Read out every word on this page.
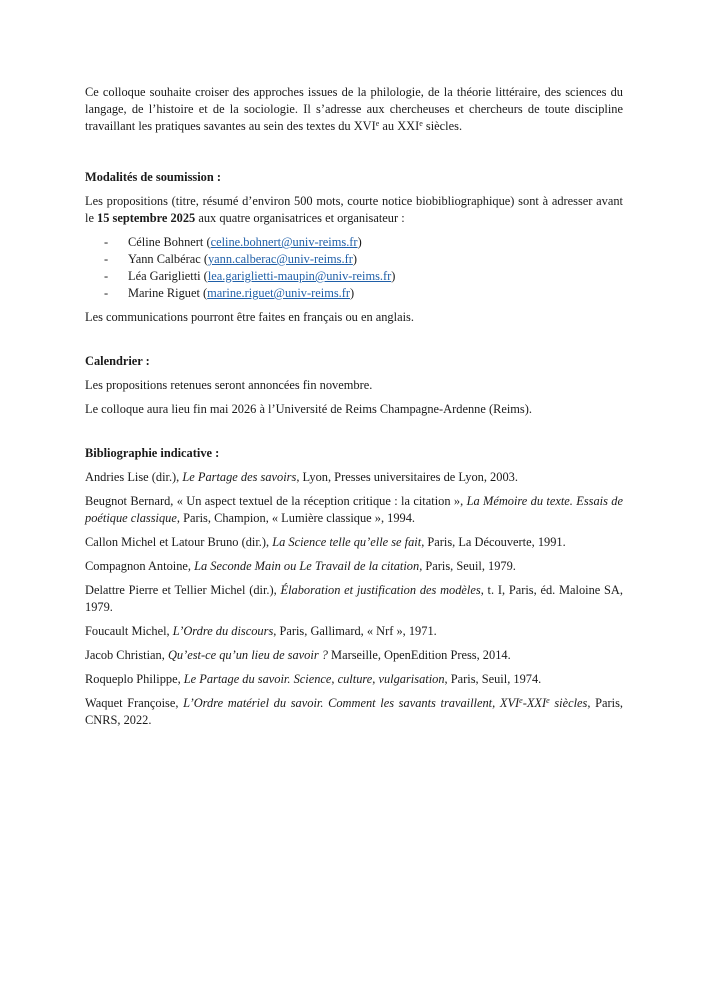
Ce colloque souhaite croiser des approches issues de la philologie, de la théorie littéraire, des sciences du langage, de l’histoire et de la sociologie. Il s’adresse aux chercheuses et chercheurs de toute discipline travaillant les pratiques savantes au sein des textes du XVIe au XXIe siècles.

Modalités de soumission :

Les propositions (titre, résumé d’environ 500 mots, courte notice biobibliographique) sont à adresser avant le 15 septembre 2025 aux quatre organisatrices et organisateur :

- Céline Bohnert (celine.bohnert@univ-reims.fr)
- Yann Calbérac (yann.calberac@univ-reims.fr)
- Léa Gariglietti (lea.gariglietti-maupin@univ-reims.fr)
- Marine Riguet (marine.riguet@univ-reims.fr)

Les communications pourront être faites en français ou en anglais.

Calendrier :

Les propositions retenues seront annoncées fin novembre.

Le colloque aura lieu fin mai 2026 à l’Université de Reims Champagne-Ardenne (Reims).

Bibliographie indicative :

Andries Lise (dir.), Le Partage des savoirs, Lyon, Presses universitaires de Lyon, 2003.

Beugnot Bernard, « Un aspect textuel de la réception critique : la citation », La Mémoire du texte. Essais de poétique classique, Paris, Champion, « Lumière classique », 1994.

Callon Michel et Latour Bruno (dir.), La Science telle qu’elle se fait, Paris, La Découverte, 1991.

Compagnon Antoine, La Seconde Main ou Le Travail de la citation, Paris, Seuil, 1979.

Delattre Pierre et Tellier Michel (dir.), Élaboration et justification des modèles, t. I, Paris, éd. Maloine SA, 1979.

Foucault Michel, L’Ordre du discours, Paris, Gallimard, « Nrf », 1971.

Jacob Christian, Qu’est-ce qu’un lieu de savoir ? Marseille, OpenEdition Press, 2014.

Roqueplo Philippe, Le Partage du savoir. Science, culture, vulgarisation, Paris, Seuil, 1974.

Waquet Françoise, L’Ordre matériel du savoir. Comment les savants travaillent, XVIe-XXIe siècles, Paris, CNRS, 2022.
